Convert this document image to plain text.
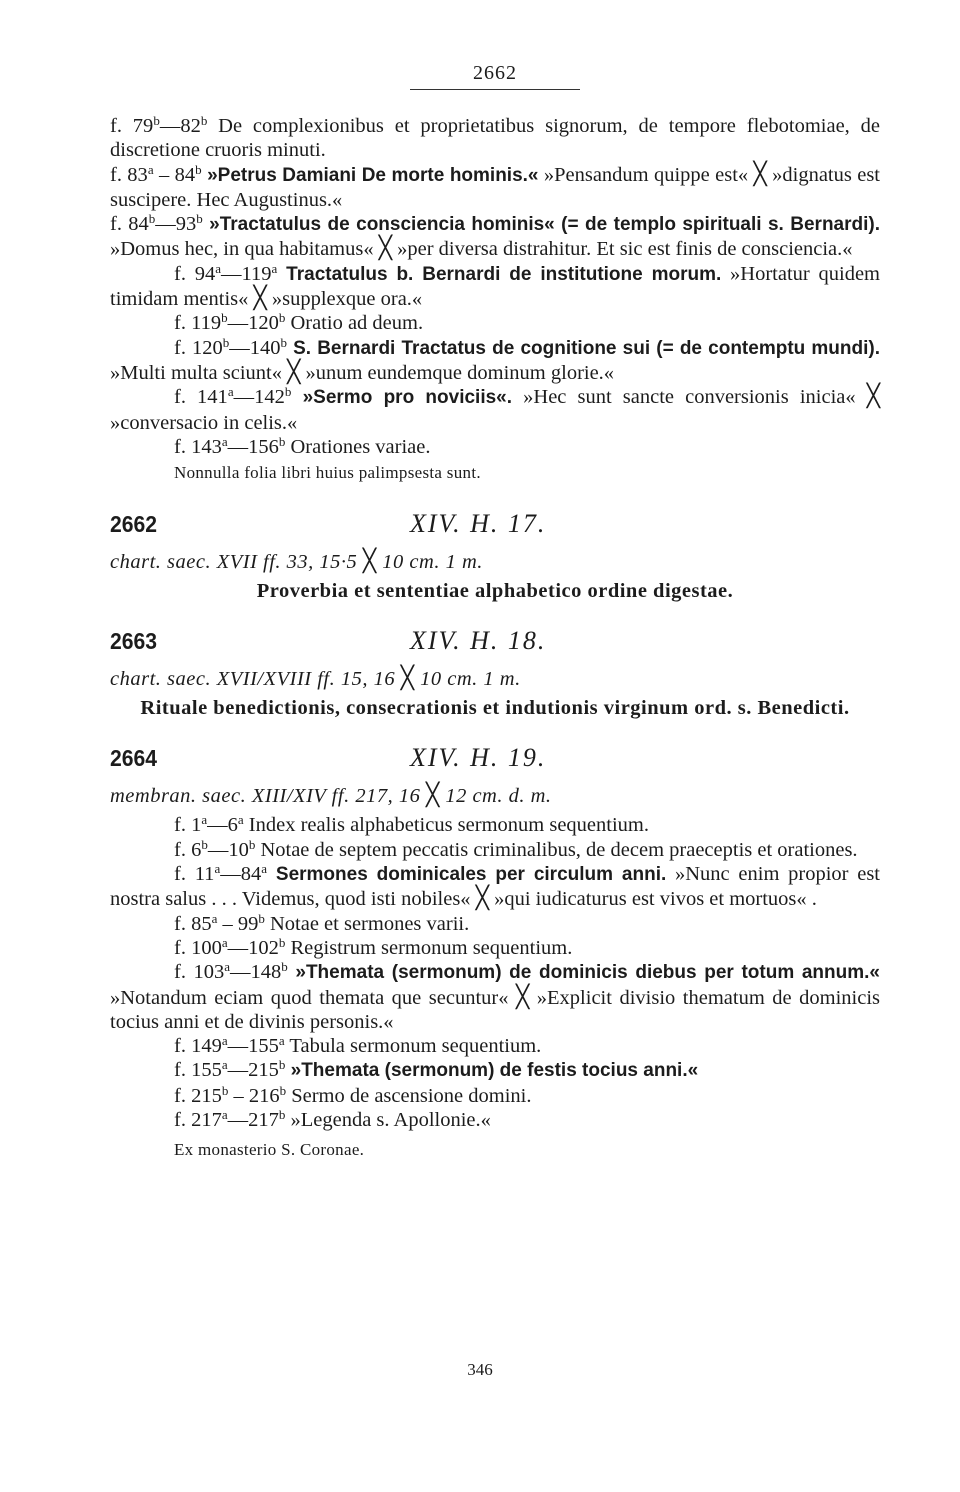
2662

f. 79$^b$—82$^b$ De complexionibus et proprietatibus signorum, de tempore flebotomiae, de discretione cruoris minuti.

f. 83$^a$ – 84$^b$ »Petrus Damiani De morte hominis.« »Pensandum quippe est« ╳ »dignatus est suscipere. Hec Augustinus.«

f. 84$^b$—93$^b$ »Tractatulus de consciencia hominis« (= de templo spirituali s. Bernardi). »Domus hec, in qua habitamus« ╳ »per diversa distrahitur. Et sic est finis de consciencia.«

f. 94$^a$—119$^a$ Tractatulus b. Bernardi de institutione morum. »Hortatur quidem timidam mentis« ╳ »supplexque ora.«

f. 119$^b$—120$^b$ Oratio ad deum.

f. 120$^b$—140$^b$ S. Bernardi Tractatus de cognitione sui (= de contemptu mundi). »Multi multa sciunt« ╳ »unum eundemque dominum glorie.«

f. 141$^a$—142$^b$ »Sermo pro noviciis«. »Hec sunt sancte conversionis inicia« ╳ »conversacio in celis.«

f. 143$^a$—156$^b$ Orationes variae.

Nonnulla folia libri huius palimpsesta sunt.

2662	XIV. H. 17.
chart. saec. XVII ff. 33, 15·5 ╳ 10 cm. 1 m.
Proverbia et sententiae alphabetico ordine digestae.
2663	XIV. H. 18.
chart. saec. XVII/XVIII ff. 15, 16 ╳ 10 cm. 1 m.
Rituale benedictionis, consecrationis et indutionis virginum ord. s. Benedicti.
2664	XIV. H. 19.
membran. saec. XIII/XIV ff. 217, 16 ╳ 12 cm. d. m.

f. 1$^a$—6$^a$ Index realis alphabeticus sermonum sequentium.

f. 6$^b$—10$^b$ Notae de septem peccatis criminalibus, de decem praeceptis et orationes.

f. 11$^a$—84$^a$ Sermones dominicales per circulum anni. »Nunc enim propior est nostra salus . . . Videmus, quod isti nobiles« ╳ »qui iudicaturus est vivos et mortuos« .

f. 85$^a$ – 99$^b$ Notae et sermones varii.

f. 100$^a$—102$^b$ Registrum sermonum sequentium.

f. 103$^a$—148$^b$ »Themata (sermonum) de dominicis diebus per totum annum.« »Notandum eciam quod themata que secuntur« ╳ »Explicit divisio thematum de dominicis tocius anni et de divinis personis.«

f. 149$^a$—155$^a$ Tabula sermonum sequentium.

f. 155$^a$—215$^b$ »Themata (sermonum) de festis tocius anni.«

f. 215$^b$ – 216$^b$ Sermo de ascensione domini.

f. 217$^a$—217$^b$ »Legenda s. Apollonie.«

Ex monasterio S. Coronae.

346
